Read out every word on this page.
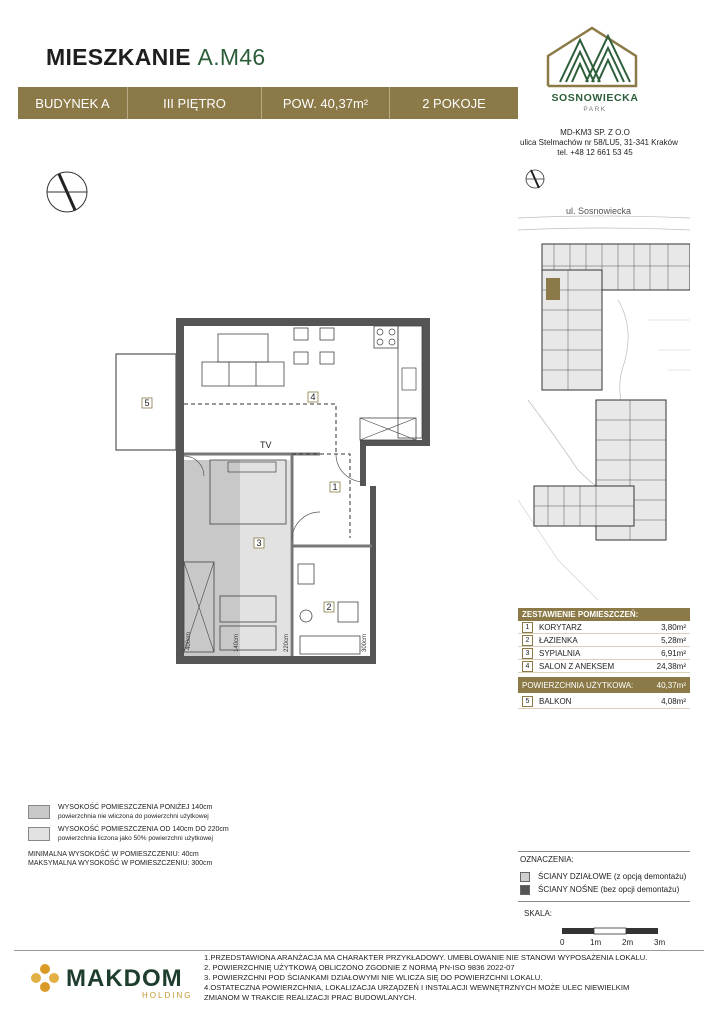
MIESZKANIE A.M46
BUDYNEK A	III PIĘTRO	POW. 40,37m²	2 POKOJE	SOSNOWIECKA
PARK
MD-KM3 SP. Z O.O
ulica Stelmachów nr 58/LU5, 31-341 Kraków
tel. +48 12 661 53 45
ul. Sosnowiecka
TV
5
4
3
1
2
400cm	140cm	220cm	300cm
ZESTAWIENIE POMIESZCZEŃ:
1	KORYTARZ	3,80m²
2	ŁAZIENKA	5,28m²
3	SYPIALNIA	6,91m²
4	SALON Z ANEKSEM	24,38m²
POWIERZCHNIA UŻYTKOWA:	40,37m²
5	BALKON	4,08m²
WYSOKOŚĆ POMIESZCZENIA PONIŻEJ 140cm
powierzchnia nie wliczona do powierzchni użytkowej
WYSOKOŚĆ POMIESZCZENIA OD 140cm DO 220cm
powierzchnia liczona jako 50% powierzchni użytkowej
MINIMALNA WYSOKOŚĆ W POMIESZCZENIU: 40cm
MAKSYMALNA WYSOKOŚĆ W POMIESZCZENIU: 300cm	OZNACZENIA:
ŚCIANY DZIAŁOWE (z opcją demontażu)
ŚCIANY NOŚNE (bez opcji demontażu)
SKALA:
0	1m	2m	3m
MAKDOM
HOLDING
1.PRZEDSTAWIONA ARANŻACJA MA CHARAKTER PRZYKŁADOWY. UMEBLOWANIE NIE STANOWI WYPOSAŻENIA LOKALU.
2. POWIERZCHNIĘ UŻYTKOWĄ OBLICZONO ZGODNIE Z NORMĄ PN-ISO 9836 2022-07
3. POWIERZCHNI POD ŚCIANKAMI DZIAŁOWYMI NIE WLICZA SIĘ DO POWIERZCHNI LOKALU.
4.OSTATECZNA POWIERZCHNIA, LOKALIZACJA URZĄDZEŃ I INSTALACJI WEWNĘTRZNYCH MOŻE ULEC NIEWIELKIM
ZMIANOM W TRAKCIE REALIZACJI PRAC BUDOWLANYCH.
